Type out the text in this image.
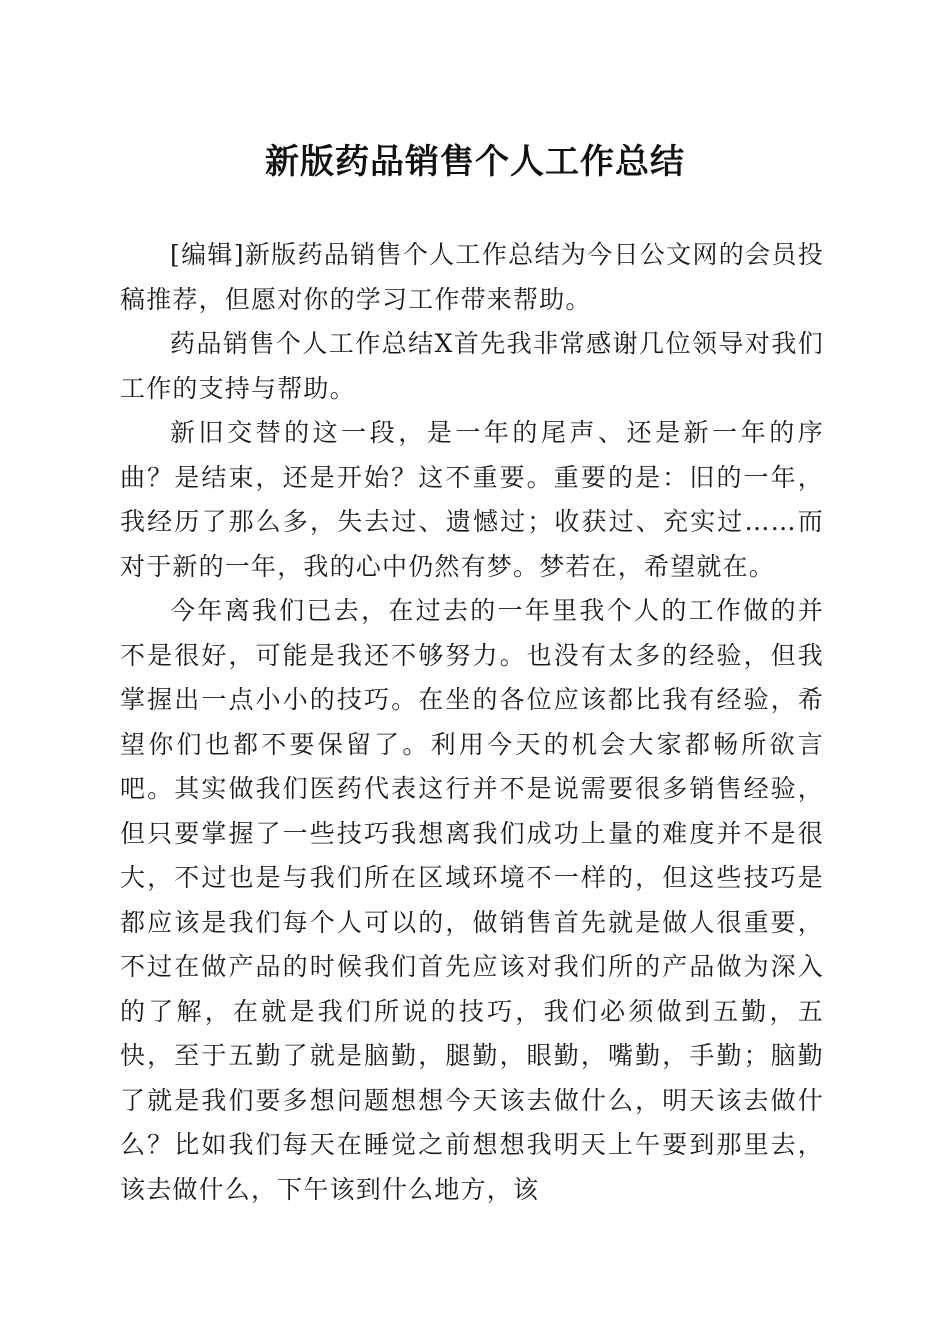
新版药品销售个人工作总结

[编辑]新版药品销售个人工作总结为今日公文网的会员投稿推荐，但愿对你的学习工作带来帮助。

药品销售个人工作总结X首先我非常感谢几位领导对我们工作的支持与帮助。

新旧交替的这一段，是一年的尾声、还是新一年的序曲？是结束，还是开始？这不重要。重要的是：旧的一年，我经历了那么多，失去过、遗憾过；收获过、充实过……而对于新的一年，我的心中仍然有梦。梦若在，希望就在。

今年离我们已去，在过去的一年里我个人的工作做的并不是很好，可能是我还不够努力。也没有太多的经验，但我掌握出一点小小的技巧。在坐的各位应该都比我有经验，希望你们也都不要保留了。利用今天的机会大家都畅所欲言吧。其实做我们医药代表这行并不是说需要很多销售经验，但只要掌握了一些技巧我想离我们成功上量的难度并不是很大，不过也是与我们所在区域环境不一样的，但这些技巧是都应该是我们每个人可以的，做销售首先就是做人很重要，不过在做产品的时候我们首先应该对我们所的产品做为深入的了解，在就是我们所说的技巧，我们必须做到五勤，五快，至于五勤了就是脑勤，腿勤，眼勤，嘴勤，手勤；脑勤了就是我们要多想问题想想今天该去做什么，明天该去做什么？比如我们每天在睡觉之前想想我明天上午要到那里去，该去做什么，下午该到什么地方，该
